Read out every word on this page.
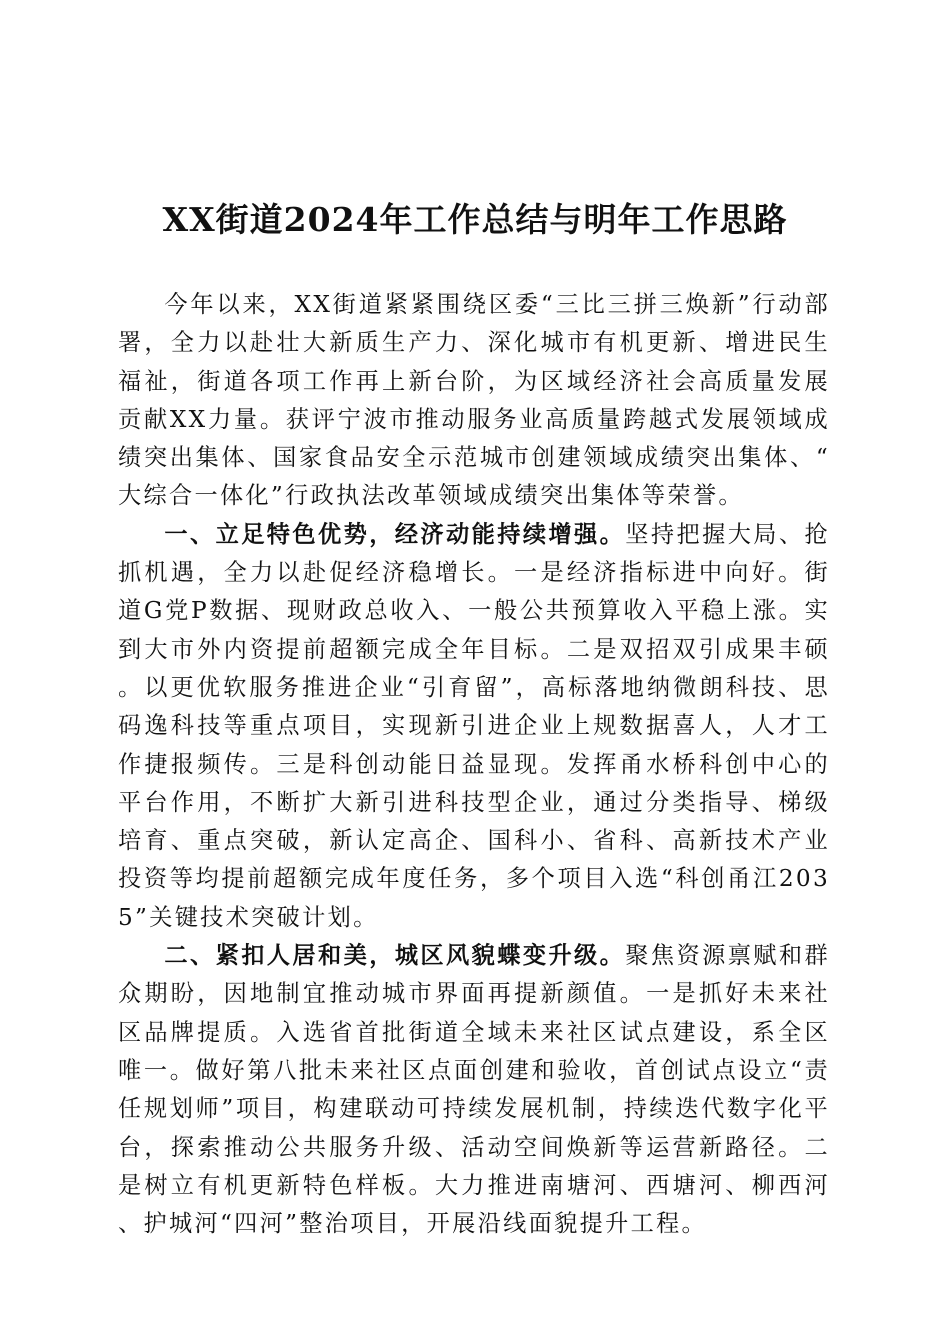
XX街道2024年工作总结与明年工作思路

今年以来，XX街道紧紧围绕区委“三比三拼三焕新”行动部署，全力以赴壮大新质生产力、深化城市有机更新、增进民生福祉，街道各项工作再上新台阶，为区域经济社会高质量发展贡献XX力量。获评宁波市推动服务业高质量跨越式发展领域成绩突出集体、国家食品安全示范城市创建领域成绩突出集体、“大综合一体化”行政执法改革领域成绩突出集体等荣誉。

一、立足特色优势，经济动能持续增强。坚持把握大局、抢抓机遇，全力以赴促经济稳增长。一是经济指标进中向好。街道G党P数据、现财政总收入、一般公共预算收入平稳上涨。实到大市外内资提前超额完成全年目标。二是双招双引成果丰硕。以更优软服务推进企业“引育留”，高标落地纳微朗科技、思码逸科技等重点项目，实现新引进企业上规数据喜人，人才工作捷报频传。三是科创动能日益显现。发挥甬水桥科创中心的平台作用，不断扩大新引进科技型企业，通过分类指导、梯级培育、重点突破，新认定高企、国科小、省科、高新技术产业投资等均提前超额完成年度任务，多个项目入选“科创甬江2035”关键技术突破计划。

二、紧扣人居和美，城区风貌蝶变升级。聚焦资源禀赋和群众期盼，因地制宜推动城市界面再提新颜值。一是抓好未来社区品牌提质。入选省首批街道全域未来社区试点建设，系全区唯一。做好第八批未来社区点面创建和验收，首创试点设立“责任规划师”项目，构建联动可持续发展机制，持续迭代数字化平台，探索推动公共服务升级、活动空间焕新等运营新路径。二是树立有机更新特色样板。大力推进南塘河、西塘河、柳西河、护城河“四河”整治项目，开展沿线面貌提升工程。
